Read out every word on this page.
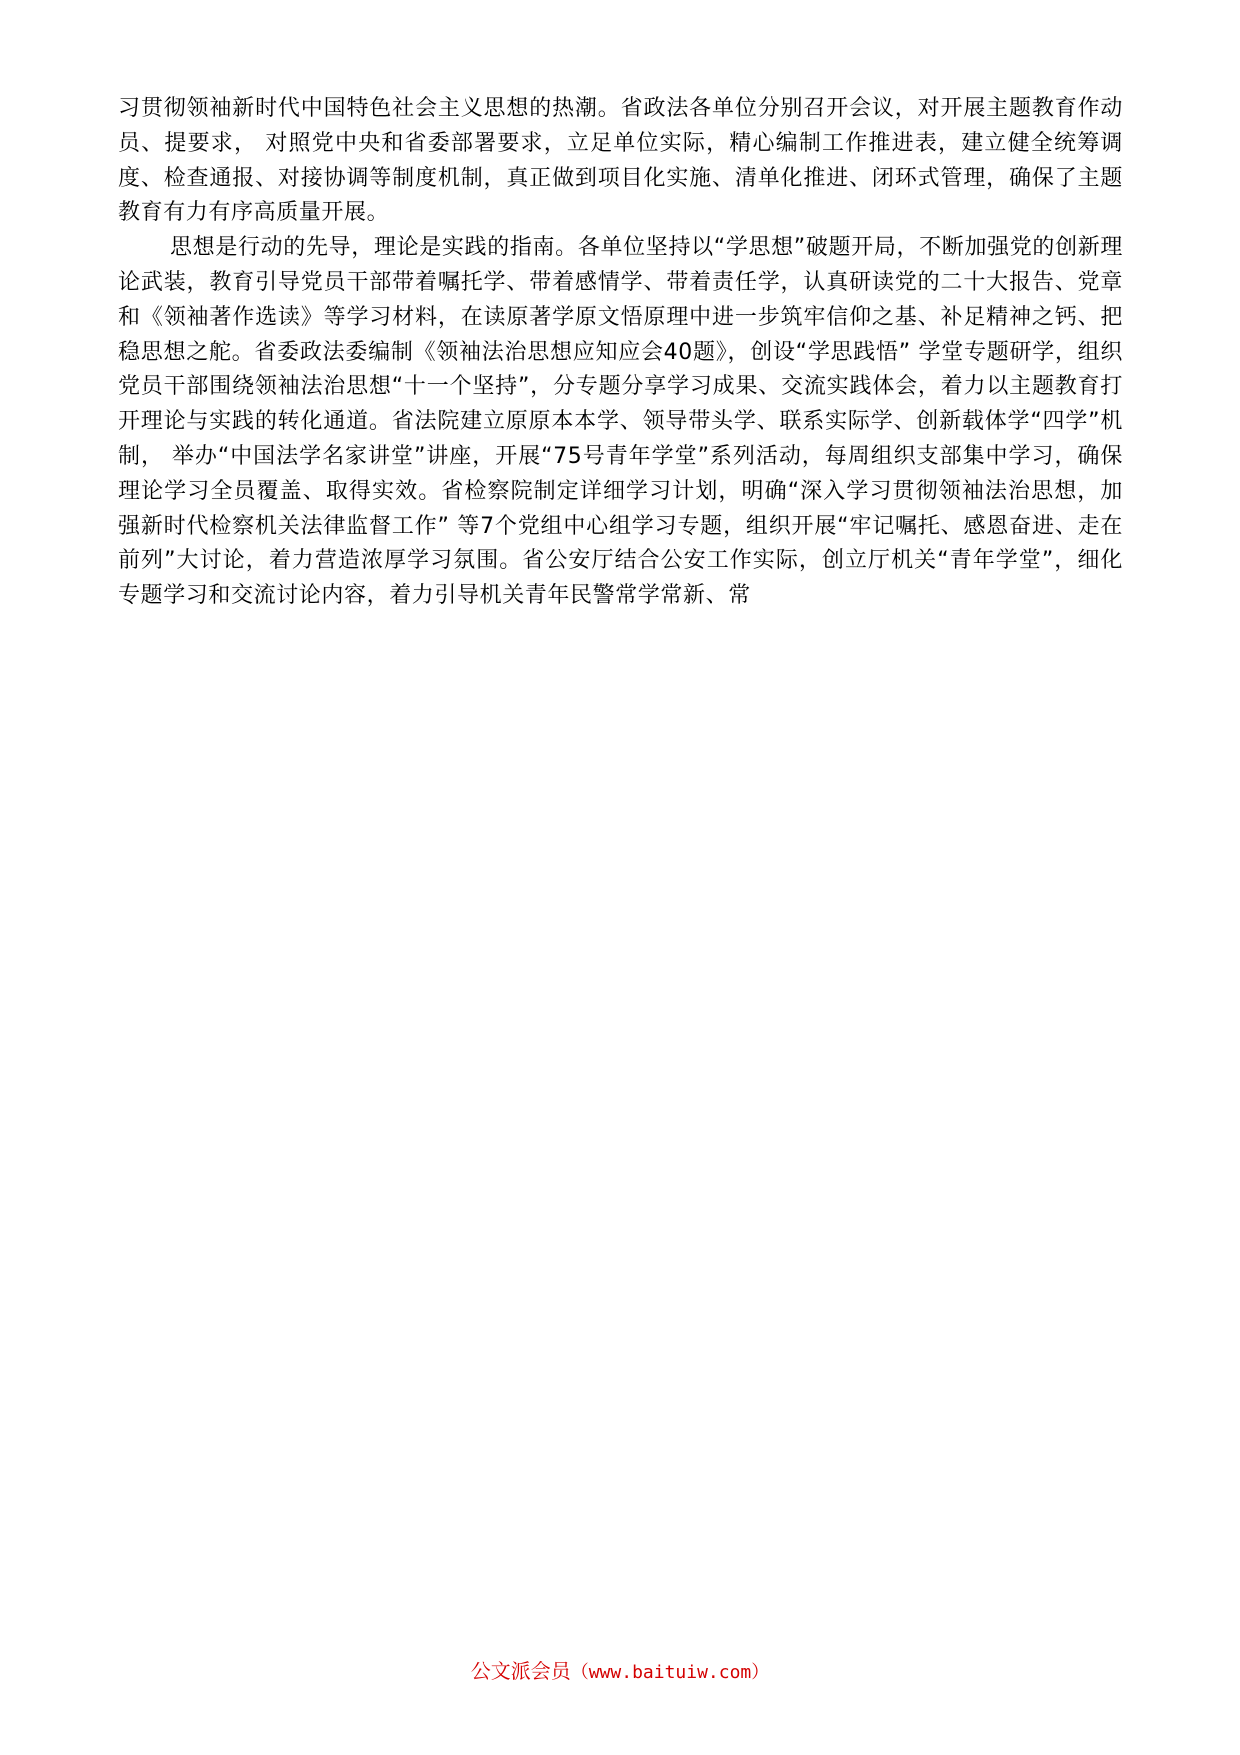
习贯彻领袖新时代中国特色社会主义思想的热潮。省政法各单位分别召开会议，对开展主题教育作动员、提要求， 对照党中央和省委部署要求，立足单位实际，精心编制工作推进表，建立健全统筹调度、检查通报、对接协调等制度机制，真正做到项目化实施、清单化推进、闭环式管理，确保了主题教育有力有序高质量开展。

思想是行动的先导，理论是实践的指南。各单位坚持以“学思想”破题开局，不断加强党的创新理论武装，教育引导党员干部带着嘱托学、带着感情学、带着责任学，认真研读党的二十大报告、党章和《领袖著作选读》等学习材料，在读原著学原文悟原理中进一步筑牢信仰之基、补足精神之钙、把稳思想之舵。省委政法委编制《领袖法治思想应知应会40题》，创设“学思践悟” 学堂专题研学，组织党员干部围绕领袖法治思想“十一个坚持”，分专题分享学习成果、交流实践体会，着力以主题教育打开理论与实践的转化通道。省法院建立原原本本学、领导带头学、联系实际学、创新载体学“四学”机制， 举办“中国法学名家讲堂”讲座，开展“75号青年学堂”系列活动，每周组织支部集中学习，确保理论学习全员覆盖、取得实效。省检察院制定详细学习计划，明确“深入学习贯彻领袖法治思想，加强新时代检察机关法律监督工作” 等7个党组中心组学习专题，组织开展“牢记嘱托、感恩奋进、走在前列”大讨论，着力营造浓厚学习氛围。省公安厅结合公安工作实际，创立厅机关“青年学堂”，细化专题学习和交流讨论内容，着力引导机关青年民警常学常新、常

公文派会员（www.baituiw.com）
